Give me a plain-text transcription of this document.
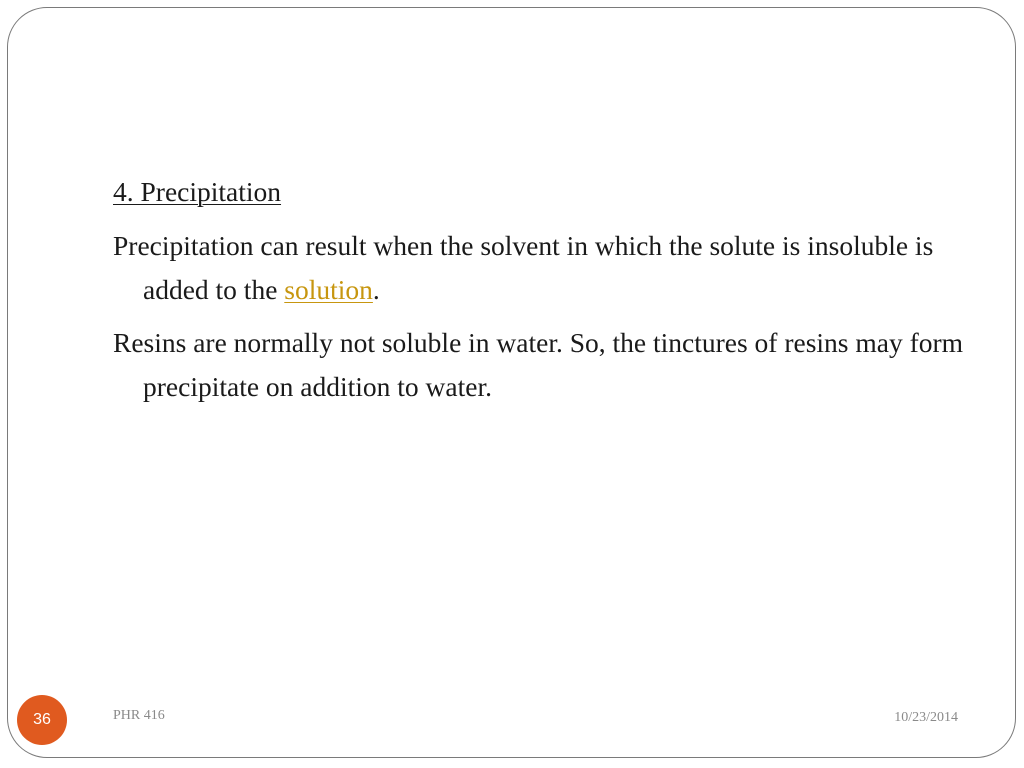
4. Precipitation

Precipitation can result when the solvent in which the solute is insoluble is added to the solution.

Resins are normally not soluble in water. So, the tinctures of resins may form precipitate on addition to water.

36	PHR 416	10/23/2014
